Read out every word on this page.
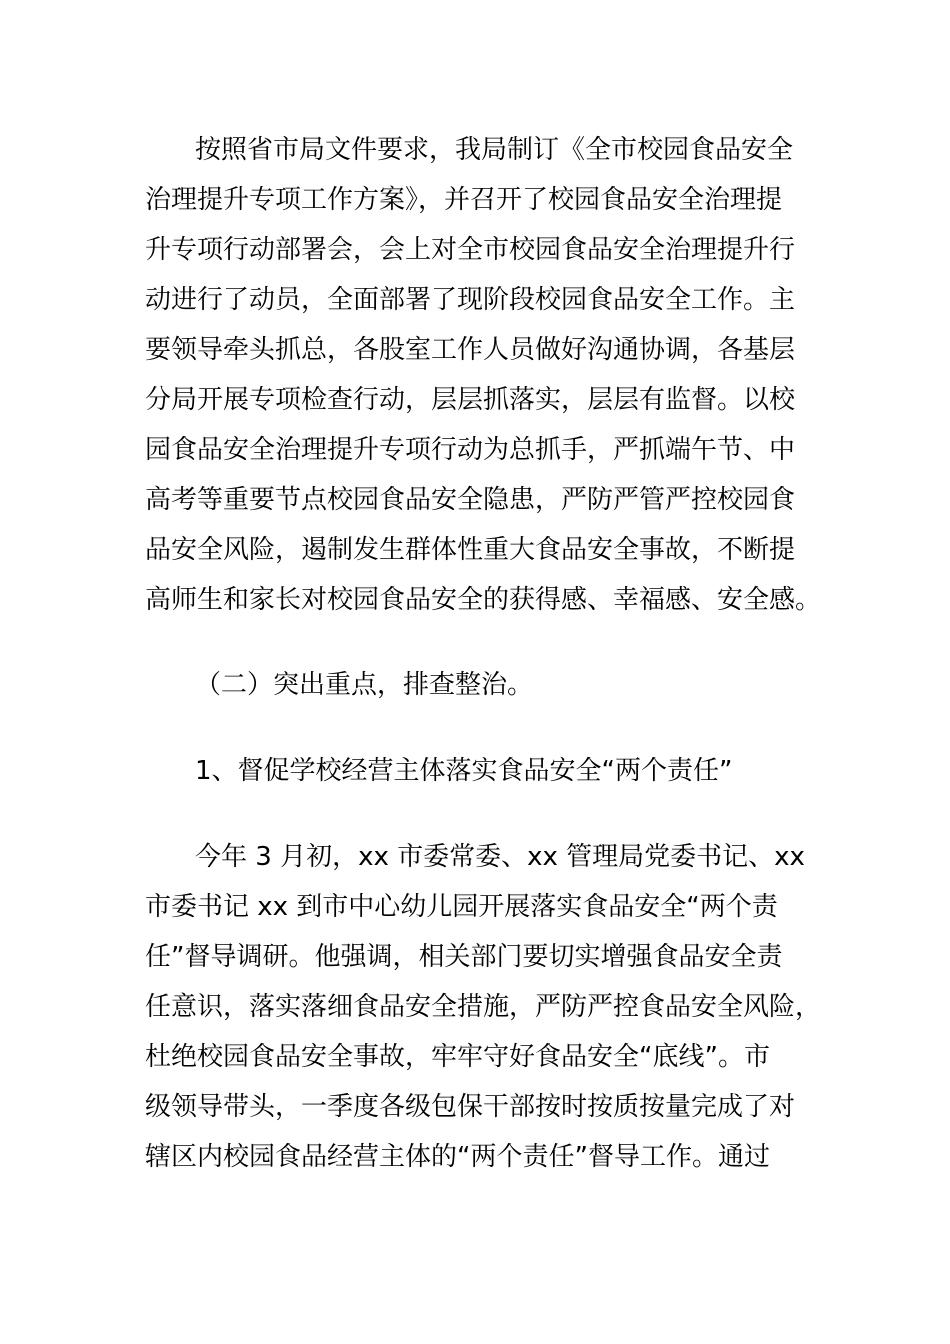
按照省市局文件要求，我局制订《全市校园食品安全
治理提升专项工作方案》，并召开了校园食品安全治理提
升专项行动部署会，会上对全市校园食品安全治理提升行
动进行了动员，全面部署了现阶段校园食品安全工作。主
要领导牵头抓总，各股室工作人员做好沟通协调，各基层
分局开展专项检查行动，层层抓落实，层层有监督。以校
园食品安全治理提升专项行动为总抓手，严抓端午节、中
高考等重要节点校园食品安全隐患，严防严管严控校园食
品安全风险，遏制发生群体性重大食品安全事故，不断提
高师生和家长对校园食品安全的获得感、幸福感、安全感。
（二）突出重点，排查整治。
1、督促学校经营主体落实食品安全“两个责任”
今年 3 月初，xx 市委常委、xx 管理局党委书记、xx
市委书记 xx 到市中心幼儿园开展落实食品安全“两个责
任”督导调研。他强调，相关部门要切实增强食品安全责
任意识，落实落细食品安全措施，严防严控食品安全风险，
杜绝校园食品安全事故，牢牢守好食品安全“底线”。市
级领导带头，一季度各级包保干部按时按质按量完成了对
辖区内校园食品经营主体的“两个责任”督导工作。通过
